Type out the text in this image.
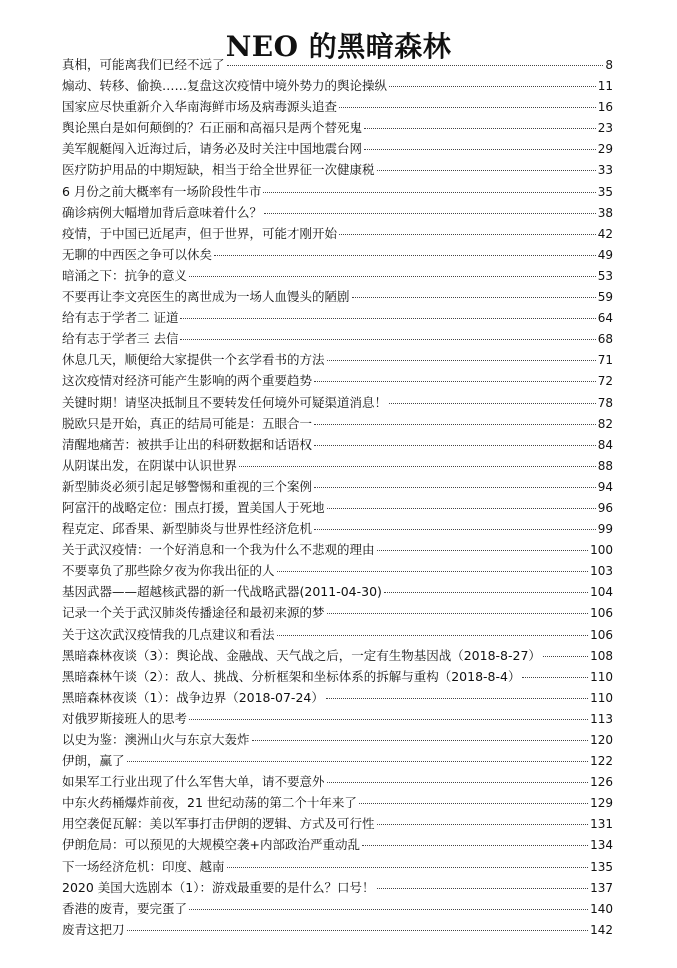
NEO 的黑暗森林
真相，可能离我们已经不远了	8
煽动、转移、偷换……复盘这次疫情中境外势力的舆论操纵	11
国家应尽快重新介入华南海鲜市场及病毒源头追查	16
舆论黑白是如何颠倒的？石正丽和高福只是两个替死鬼	23
美军舰艇闯入近海过后，请务必及时关注中国地震台网	29
医疗防护用品的中期短缺，相当于给全世界征一次健康税	33
6 月份之前大概率有一场阶段性牛市	35
确诊病例大幅增加背后意味着什么？	38
疫情，于中国已近尾声，但于世界，可能才刚开始	42
无聊的中西医之争可以休矣	49
暗涌之下：抗争的意义	53
不要再让李文亮医生的离世成为一场人血馒头的陋剧	59
给有志于学者二 证道	64
给有志于学者三 去信	68
休息几天，顺便给大家提供一个玄学看书的方法	71
这次疫情对经济可能产生影响的两个重要趋势	72
关键时期！请坚决抵制且不要转发任何境外可疑渠道消息！	78
脱欧只是开始，真正的结局可能是：五眼合一	82
清醒地痛苦：被拱手让出的科研数据和话语权	84
从阴谋出发，在阴谋中认识世界	88
新型肺炎必须引起足够警惕和重视的三个案例	94
阿富汗的战略定位：围点打援，置美国人于死地	96
程克定、邱香果、新型肺炎与世界性经济危机	99
关于武汉疫情：一个好消息和一个我为什么不悲观的理由	100
不要辜负了那些除夕夜为你我出征的人	103
基因武器——超越核武器的新一代战略武器(2011-04-30)	104
记录一个关于武汉肺炎传播途径和最初来源的梦	106
关于这次武汉疫情我的几点建议和看法	106
黑暗森林夜谈（3）：舆论战、金融战、天气战之后，一定有生物基因战（2018-8-27）	108
黑暗森林午谈（2）：敌人、挑战、分析框架和坐标体系的拆解与重构（2018-8-4）	110
黑暗森林夜谈（1）：战争边界（2018-07-24）	110
对俄罗斯接班人的思考	113
以史为鉴：澳洲山火与东京大轰炸	120
伊朗，赢了	122
如果军工行业出现了什么军售大单，请不要意外	126
中东火药桶爆炸前夜，21 世纪动荡的第二个十年来了	129
用空袭促瓦解：美以军事打击伊朗的逻辑、方式及可行性	131
伊朗危局：可以预见的大规模空袭+内部政治严重动乱	134
下一场经济危机：印度、越南	135
2020 美国大选剧本（1）：游戏最重要的是什么？口号！	137
香港的废青，要完蛋了	140
废青这把刀	142
